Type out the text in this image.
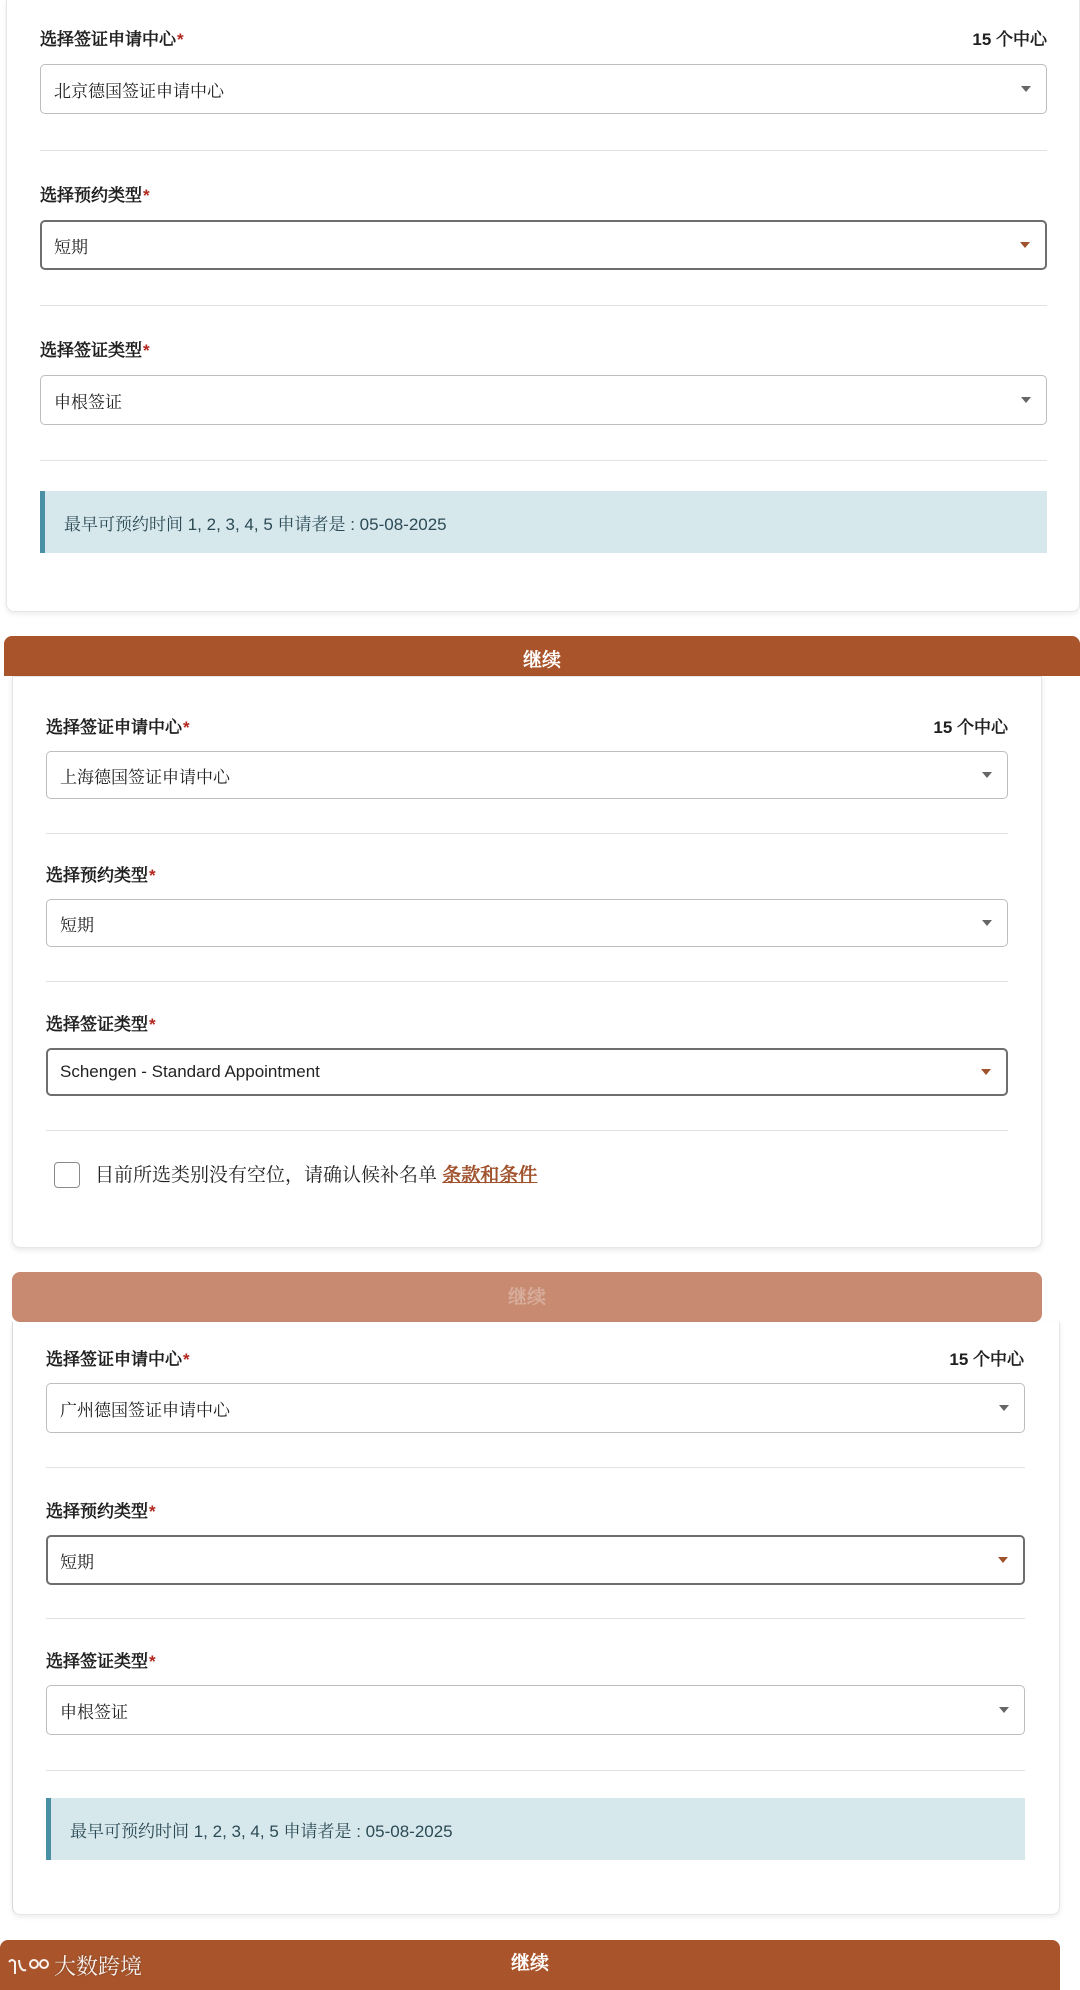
选择签证申请中心*	15 个中心
北京德国签证申请中心
选择预约类型*
短期
选择签证类型*
申根签证
最早可预约时间 1, 2, 3, 4, 5 申请者是 : 05-08-2025
继续
选择签证申请中心*	15 个中心
上海德国签证申请中心
选择预约类型*
短期
选择签证类型*
Schengen - Standard Appointment
目前所选类别没有空位，请确认候补名单 条款和条件
继续
选择签证申请中心*	15 个中心
广州德国签证申请中心
选择预约类型*
短期
选择签证类型*
申根签证
最早可预约时间 1, 2, 3, 4, 5 申请者是 : 05-08-2025
继续
大数跨境
